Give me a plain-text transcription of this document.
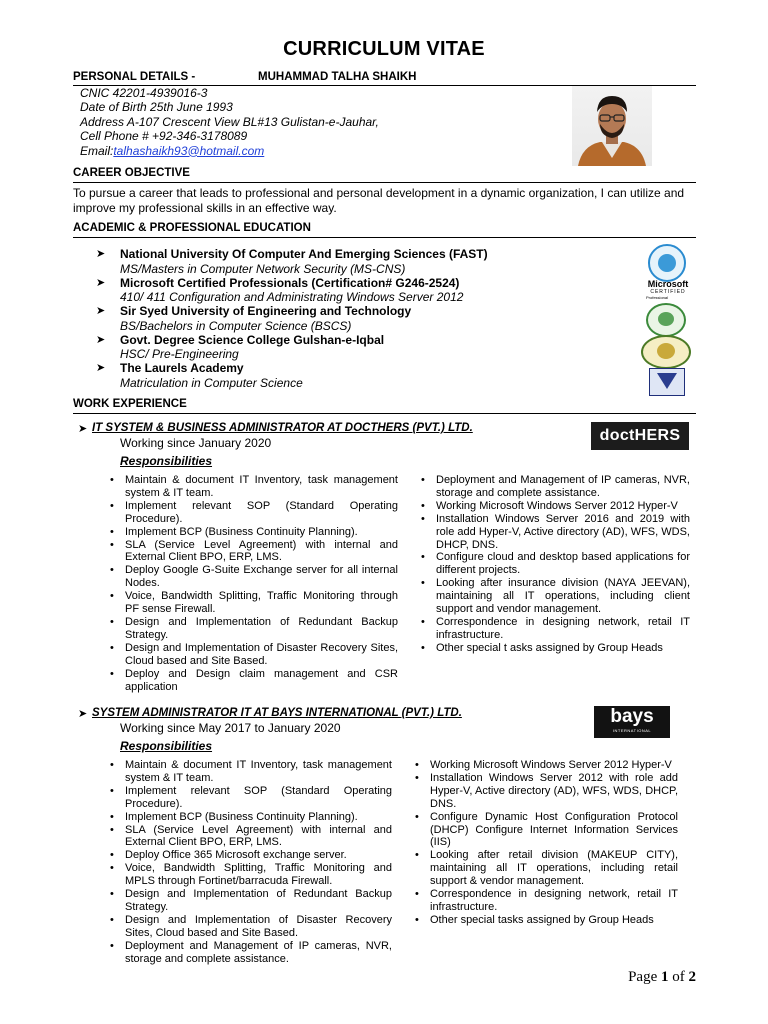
CURRICULUM VITAE
PERSONAL DETAILS -	MUHAMMAD TALHA SHAIKH
CNIC 42201-4939016-3
Date of Birth 25th June 1993
Address A-107 Crescent View BL#13 Gulistan-e-Jauhar,
Cell Phone # +92-346-3178089
Email:talhashaikh93@hotmail.com
CAREER OBJECTIVE
To pursue a career that leads to professional and personal development in a dynamic organization, I can utilize and improve my professional skills in an effective way.
ACADEMIC & PROFESSIONAL EDUCATION
➤ National University Of Computer And Emerging Sciences (FAST)
MS/Masters in Computer Network Security (MS-CNS)
➤ Microsoft Certified Professionals (Certification# G246-2524)
410/ 411 Configuration and Administrating Windows Server 2012
➤ Sir Syed University of Engineering and Technology
BS/Bachelors in Computer Science (BSCS)
➤ Govt. Degree Science College Gulshan-e-Iqbal
HSC/ Pre-Engineering
➤ The Laurels Academy
Matriculation in Computer Science
Microsoft
CERTIFIED
Professional
WORK EXPERIENCE
➤ IT SYSTEM & BUSINESS ADMINISTRATOR AT DOCTHERS (PVT.) LTD.
Working since January 2020
Responsibilities
doctHERS
• Maintain & document IT Inventory, task management system & IT team.
• Implement relevant SOP (Standard Operating Procedure).
• Implement BCP (Business Continuity Planning).
• SLA (Service Level Agreement) with internal and External Client BPO, ERP, LMS.
• Deploy Google G-Suite Exchange server for all internal Nodes.
• Voice, Bandwidth Splitting, Traffic Monitoring through PF sense Firewall.
• Design and Implementation of Redundant Backup Strategy.
• Design and Implementation of Disaster Recovery Sites, Cloud based and Site Based.
• Deploy and Design claim management and CSR application
• Deployment and Management of IP cameras, NVR, storage and complete assistance.
• Working Microsoft Windows Server 2012 Hyper-V
• Installation Windows Server 2016 and 2019 with role add Hyper-V, Active directory (AD), WFS, WDS, DHCP, DNS.
• Configure cloud and desktop based applications for different projects.
• Looking after insurance division (NAYA JEEVAN), maintaining all IT operations, including client support and vendor management.
• Correspondence in designing network, retail IT infrastructure.
• Other special t asks assigned by Group Heads
➤ SYSTEM ADMINISTRATOR IT AT BAYS INTERNATIONAL (PVT.) LTD.
Working since May 2017 to January 2020
Responsibilities
bays
INTERNATIONAL
• Maintain & document IT Inventory, task management system & IT team.
• Implement relevant SOP (Standard Operating Procedure).
• Implement BCP (Business Continuity Planning).
• SLA (Service Level Agreement) with internal and External Client BPO, ERP, LMS.
• Deploy Office 365 Microsoft exchange server.
• Voice, Bandwidth Splitting, Traffic Monitoring and MPLS through Fortinet/barracuda Firewall.
• Design and Implementation of Redundant Backup Strategy.
• Design and Implementation of Disaster Recovery Sites, Cloud based and Site Based.
• Deployment and Management of IP cameras, NVR, storage and complete assistance.
• Working Microsoft Windows Server 2012 Hyper-V
• Installation Windows Server 2012 with role add Hyper-V, Active directory (AD), WFS, WDS, DHCP, DNS.
• Configure Dynamic Host Configuration Protocol (DHCP) Configure Internet Information Services (IIS)
• Looking after retail division (MAKEUP CITY), maintaining all IT operations, including retail support & vendor management.
• Correspondence in designing network, retail IT infrastructure.
• Other special tasks assigned by Group Heads
Page 1 of 2
